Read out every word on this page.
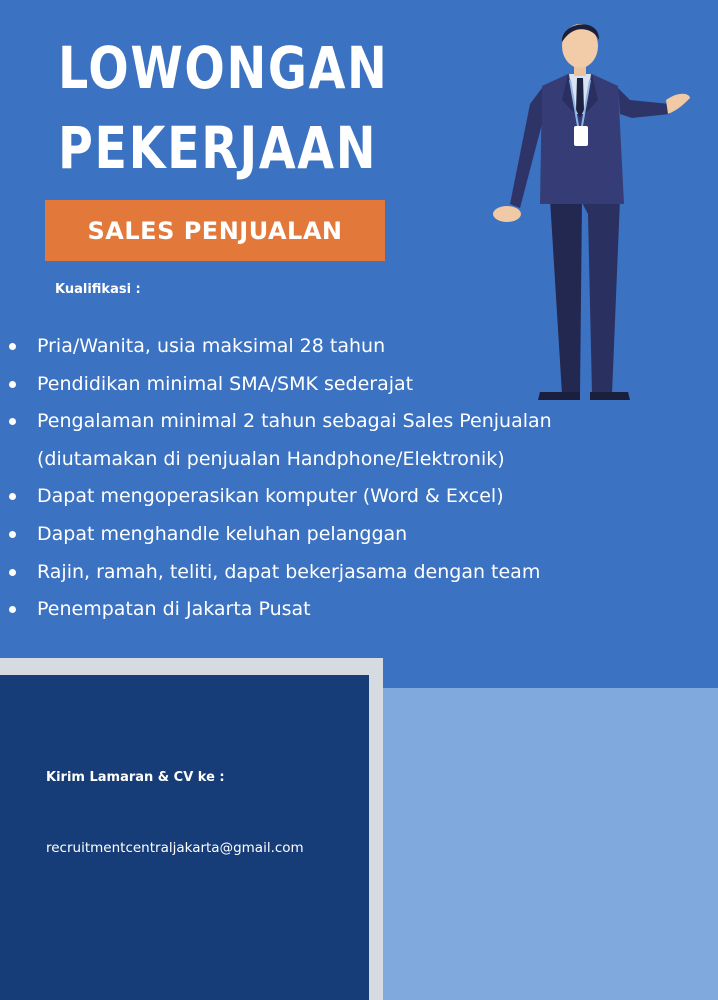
LOWONGAN
PEKERJAAN
SALES PENJUALAN
Kualifikasi :
Pria/Wanita, usia maksimal 28 tahun
Pendidikan minimal SMA/SMK sederajat
Pengalaman minimal 2 tahun sebagai Sales Penjualan
(diutamakan di penjualan Handphone/Elektronik)
Dapat mengoperasikan komputer (Word & Excel)
Dapat menghandle keluhan pelanggan
Rajin, ramah, teliti, dapat bekerjasama dengan team
Penempatan di Jakarta Pusat
Kirim Lamaran & CV ke :
recruitmentcentraljakarta@gmail.com
